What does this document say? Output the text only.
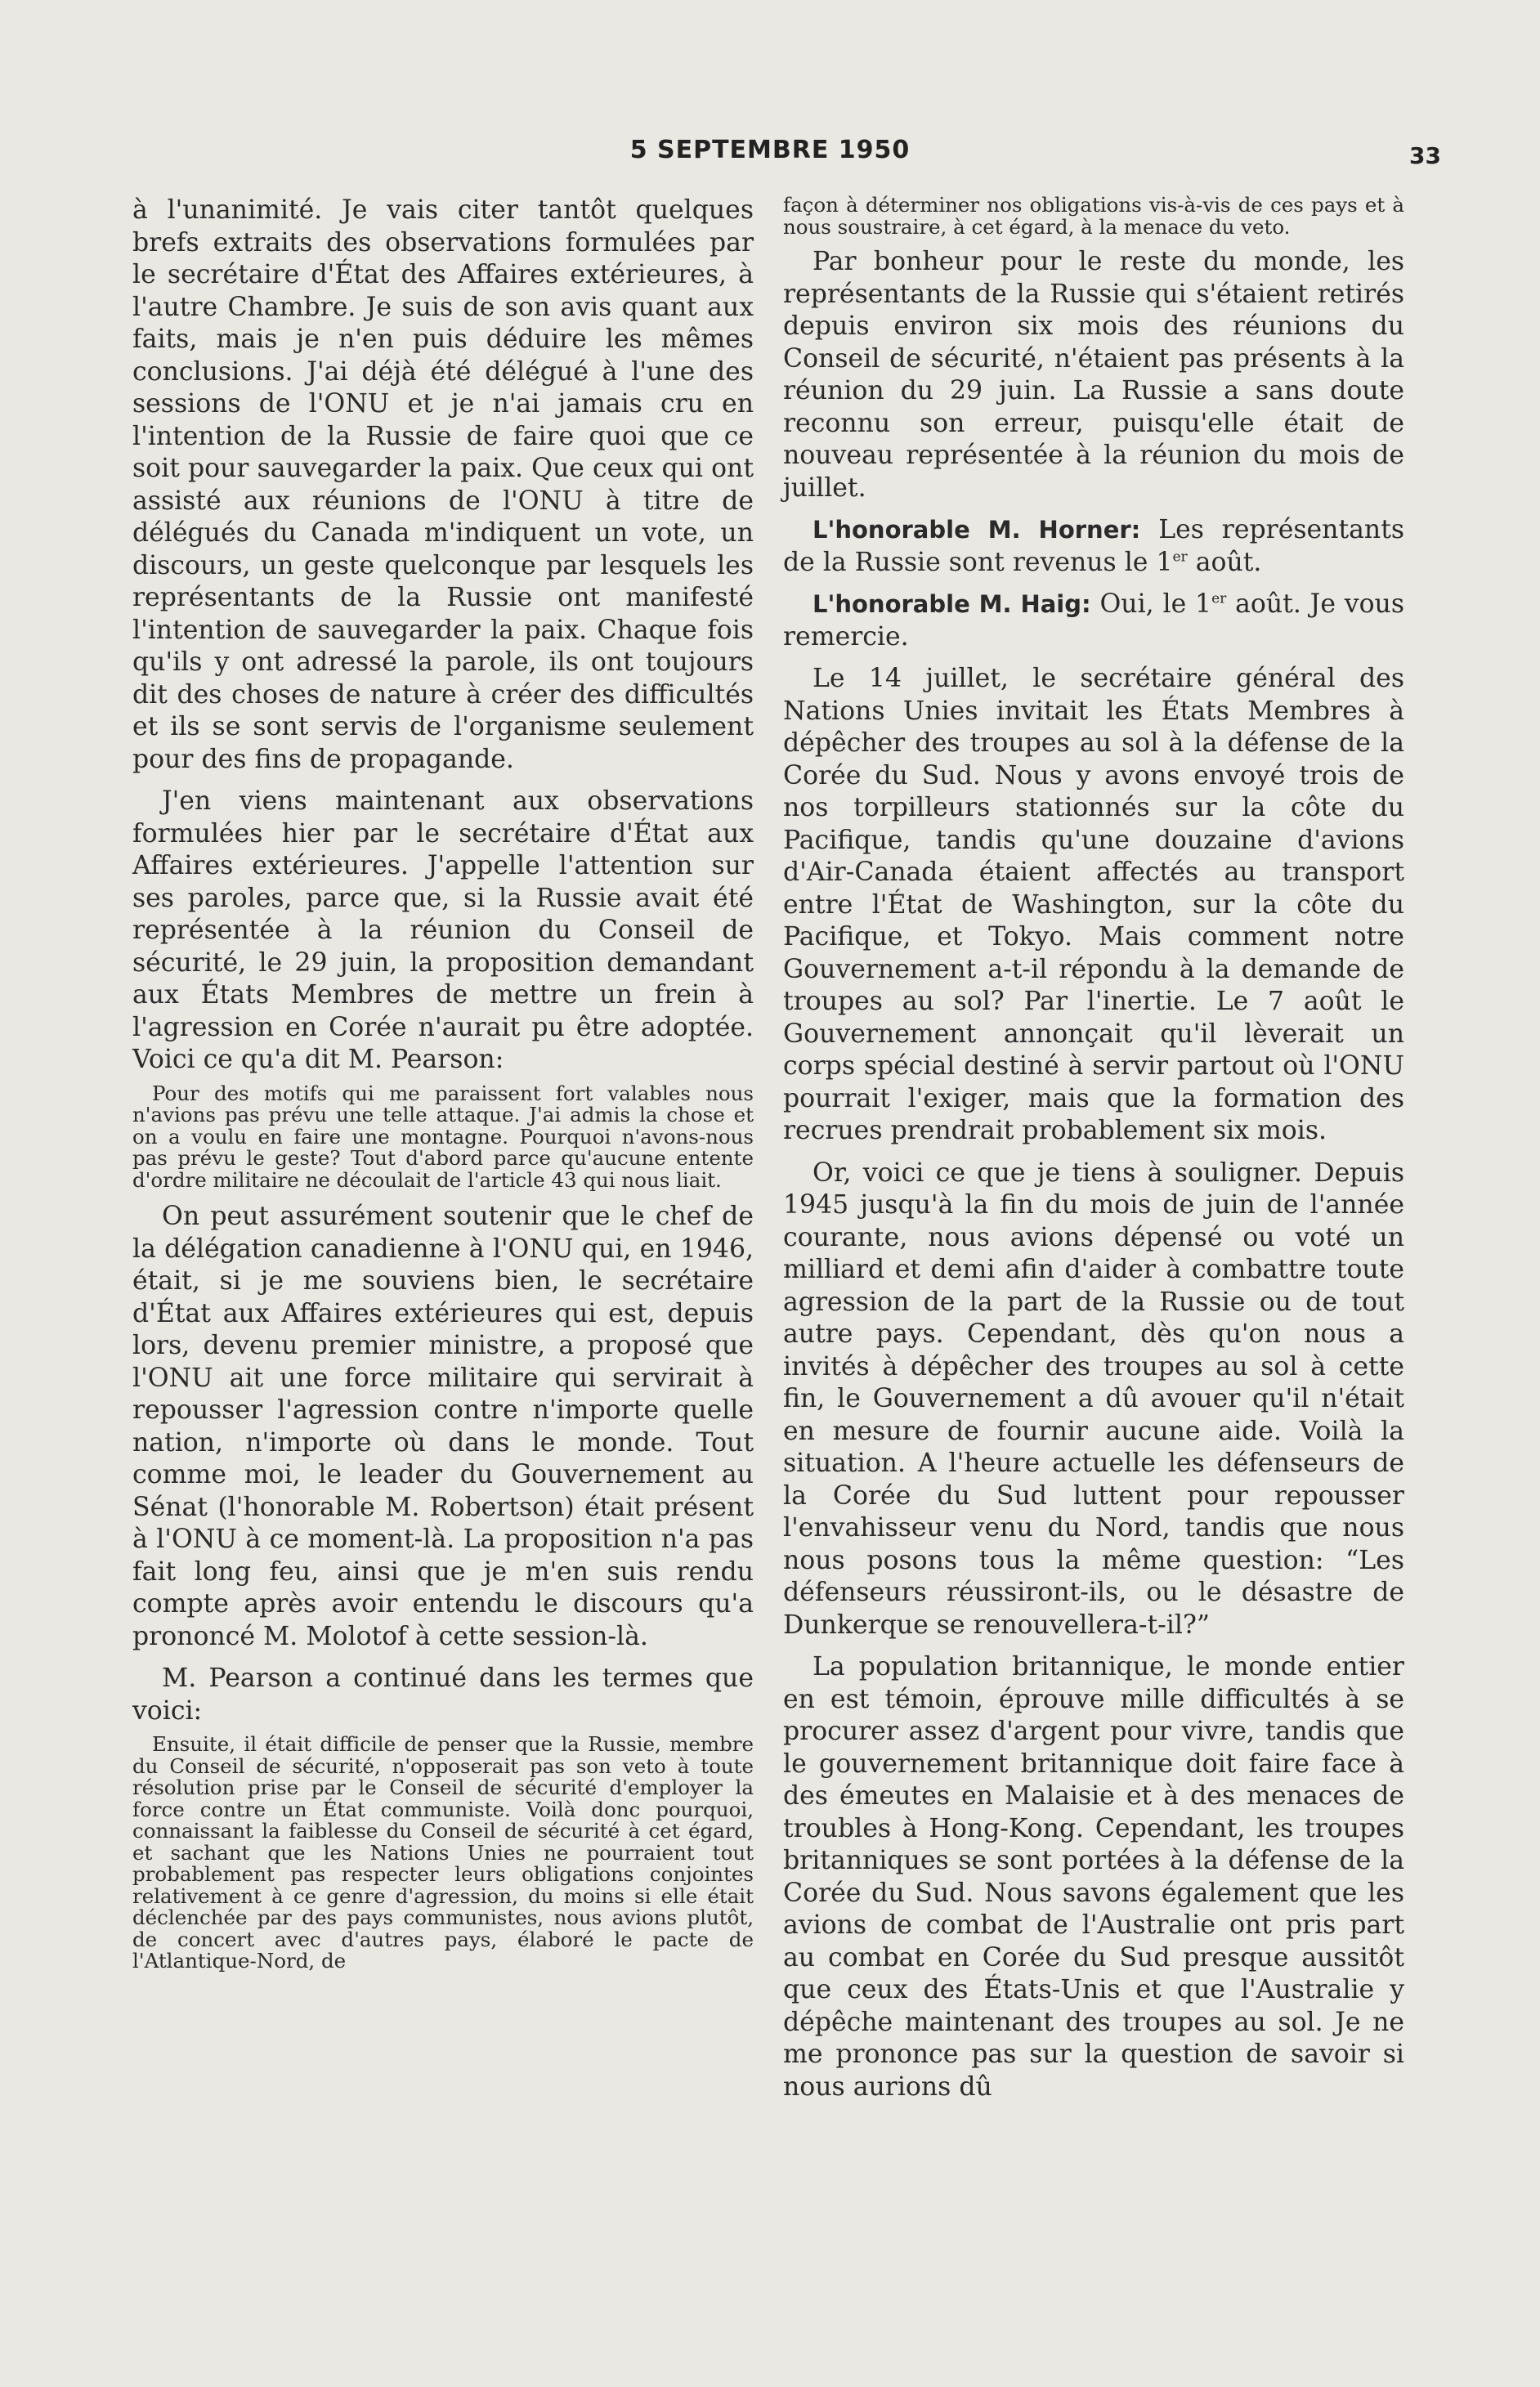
5 SEPTEMBRE 1950	33

à l'unanimité. Je vais citer tantôt quelques brefs extraits des observations formulées par le secrétaire d'État des Affaires extérieures, à l'autre Chambre. Je suis de son avis quant aux faits, mais je n'en puis déduire les mêmes conclusions. J'ai déjà été délégué à l'une des sessions de l'ONU et je n'ai jamais cru en l'intention de la Russie de faire quoi que ce soit pour sauvegarder la paix. Que ceux qui ont assisté aux réunions de l'ONU à titre de délégués du Canada m'indiquent un vote, un discours, un geste quelconque par lesquels les représentants de la Russie ont manifesté l'intention de sauvegarder la paix. Chaque fois qu'ils y ont adressé la parole, ils ont toujours dit des choses de nature à créer des difficultés et ils se sont servis de l'organisme seulement pour des fins de propagande.

J'en viens maintenant aux observations formulées hier par le secrétaire d'État aux Affaires extérieures. J'appelle l'attention sur ses paroles, parce que, si la Russie avait été représentée à la réunion du Conseil de sécurité, le 29 juin, la proposition demandant aux États Membres de mettre un frein à l'agression en Corée n'aurait pu être adoptée. Voici ce qu'a dit M. Pearson:

Pour des motifs qui me paraissent fort valables nous n'avions pas prévu une telle attaque. J'ai admis la chose et on a voulu en faire une montagne. Pourquoi n'avons-nous pas prévu le geste? Tout d'abord parce qu'aucune entente d'ordre militaire ne découlait de l'article 43 qui nous liait.

On peut assurément soutenir que le chef de la délégation canadienne à l'ONU qui, en 1946, était, si je me souviens bien, le secrétaire d'État aux Affaires extérieures qui est, depuis lors, devenu premier ministre, a proposé que l'ONU ait une force militaire qui servirait à repousser l'agression contre n'importe quelle nation, n'importe où dans le monde. Tout comme moi, le leader du Gouvernement au Sénat (l'honorable M. Robertson) était présent à l'ONU à ce moment-là. La proposition n'a pas fait long feu, ainsi que je m'en suis rendu compte après avoir entendu le discours qu'a prononcé M. Molotof à cette session-là.

M. Pearson a continué dans les termes que voici:

Ensuite, il était difficile de penser que la Russie, membre du Conseil de sécurité, n'opposerait pas son veto à toute résolution prise par le Conseil de sécurité d'employer la force contre un État communiste. Voilà donc pourquoi, connaissant la faiblesse du Conseil de sécurité à cet égard, et sachant que les Nations Unies ne pourraient tout probablement pas respecter leurs obligations conjointes relativement à ce genre d'agression, du moins si elle était déclenchée par des pays communistes, nous avions plutôt, de concert avec d'autres pays, élaboré le pacte de l'Atlantique-Nord, de

façon à déterminer nos obligations vis-à-vis de ces pays et à nous soustraire, à cet égard, à la menace du veto.

Par bonheur pour le reste du monde, les représentants de la Russie qui s'étaient retirés depuis environ six mois des réunions du Conseil de sécurité, n'étaient pas présents à la réunion du 29 juin. La Russie a sans doute reconnu son erreur, puisqu'elle était de nouveau représentée à la réunion du mois de juillet.

L'honorable M. Horner: Les représentants de la Russie sont revenus le 1er août.

L'honorable M. Haig: Oui, le 1er août. Je vous remercie.

Le 14 juillet, le secrétaire général des Nations Unies invitait les États Membres à dépêcher des troupes au sol à la défense de la Corée du Sud. Nous y avons envoyé trois de nos torpilleurs stationnés sur la côte du Pacifique, tandis qu'une douzaine d'avions d'Air-Canada étaient affectés au transport entre l'État de Washington, sur la côte du Pacifique, et Tokyo. Mais comment notre Gouvernement a-t-il répondu à la demande de troupes au sol? Par l'inertie. Le 7 août le Gouvernement annonçait qu'il lèverait un corps spécial destiné à servir partout où l'ONU pourrait l'exiger, mais que la formation des recrues prendrait probablement six mois.

Or, voici ce que je tiens à souligner. Depuis 1945 jusqu'à la fin du mois de juin de l'année courante, nous avions dépensé ou voté un milliard et demi afin d'aider à combattre toute agression de la part de la Russie ou de tout autre pays. Cependant, dès qu'on nous a invités à dépêcher des troupes au sol à cette fin, le Gouvernement a dû avouer qu'il n'était en mesure de fournir aucune aide. Voilà la situation. A l'heure actuelle les défenseurs de la Corée du Sud luttent pour repousser l'envahisseur venu du Nord, tandis que nous nous posons tous la même question: “Les défenseurs réussiront-ils, ou le désastre de Dunkerque se renouvellera-t-il?”

La population britannique, le monde entier en est témoin, éprouve mille difficultés à se procurer assez d'argent pour vivre, tandis que le gouvernement britannique doit faire face à des émeutes en Malaisie et à des menaces de troubles à Hong-Kong. Cependant, les troupes britanniques se sont portées à la défense de la Corée du Sud. Nous savons également que les avions de combat de l'Australie ont pris part au combat en Corée du Sud presque aussitôt que ceux des États-Unis et que l'Australie y dépêche maintenant des troupes au sol. Je ne me prononce pas sur la question de savoir si nous aurions dû
